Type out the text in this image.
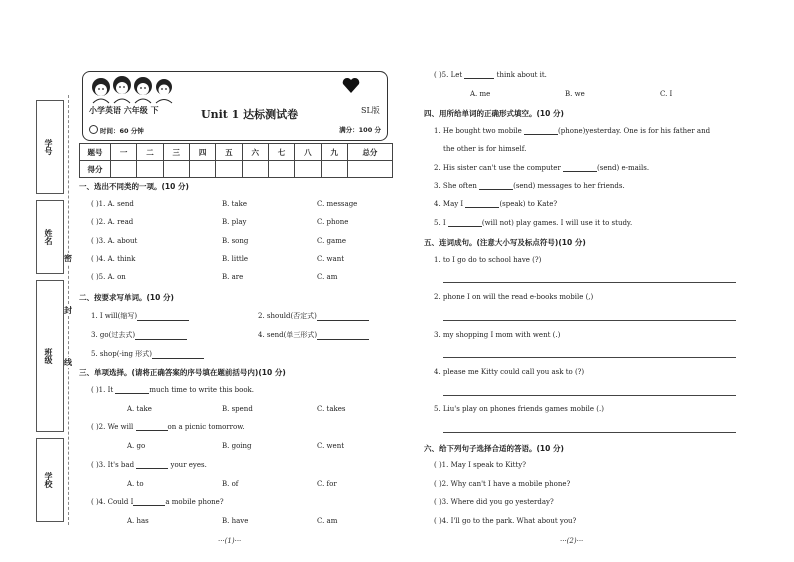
学号
姓名
班级
学校
密
封
线
小学英语 六年级 下	Unit 1 达标测试卷	SL版
时间：60 分钟	满分：100 分
题号	一	二	三	四	五	六	七	八	九	总分
得分										
一、选出不同类的一项。(10 分)
( )1. A. send	B. take	C. message
( )2. A. read	B. play	C. phone
( )3. A. about	B. song	C. game
( )4. A. think	B. little	C. want
( )5. A. on	B. are	C. am
二、按要求写单词。(10 分)
1. I will(缩写)	2. should(否定式)
3. go(过去式)	4. send(单三形式)
5. shop(-ing 形式)
三、单项选择。(请将正确答案的序号填在题前括号内)(10 分)
( )1. It	much time to write this book.
A. take	B. spend	C. takes
( )2. We will	on a picnic tomorrow.
A. go	B. going	C. went
( )3. It's bad	your eyes.
A. to	B. of	C. for
( )4. Could I	a mobile phone?
A. has	B. have	C. am
···(1)···
( )5. Let	think about it.
A. me	B. we	C. I
四、用所给单词的正确形式填空。(10 分)
1. He bought two mobile	(phone)yesterday. One is for his father and
the other is for himself.
2. His sister can't use the computer	(send) e-mails.
3. She often	(send) messages to her friends.
4. May I	(speak) to Kate?
5. I	(will not) play games. I will use it to study.
五、连词成句。(注意大小写及标点符号)(10 分)
1. to I go do to school have (?)
2. phone I on will the read e-books mobile (,)
3. my shopping I mom with went (.)
4. please me Kitty could call you ask to (?)
5. Liu's play on phones friends games mobile (.)
六、给下列句子选择合适的答语。(10 分)
( )1. May I speak to Kitty?
( )2. Why can't I have a mobile phone?
( )3. Where did you go yesterday?
( )4. I'll go to the park. What about you?
···(2)···
